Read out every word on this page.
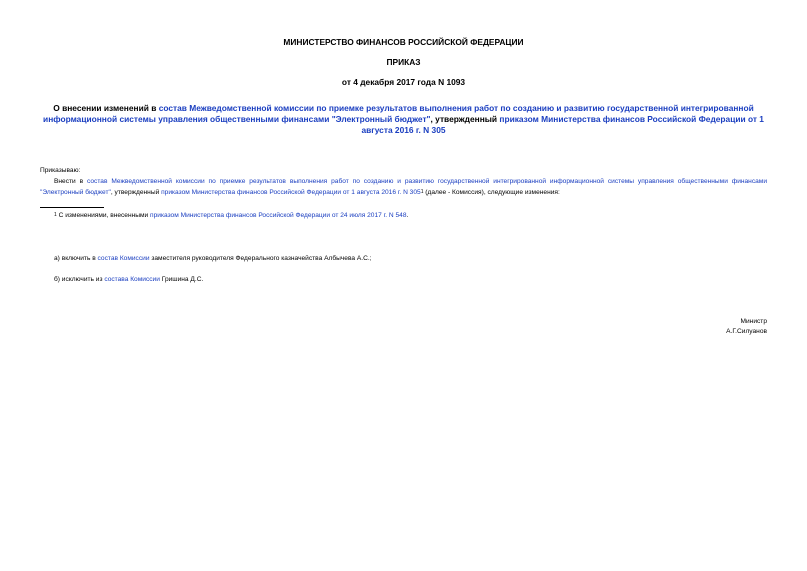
МИНИСТЕРСТВО ФИНАНСОВ РОССИЙСКОЙ ФЕДЕРАЦИИ
ПРИКАЗ
от 4 декабря 2017 года N 1093
О внесении изменений в состав Межведомственной комиссии по приемке результатов выполнения работ по созданию и развитию государственной интегрированной информационной системы управления общественными финансами "Электронный бюджет", утвержденный приказом Министерства финансов Российской Федерации от 1 августа 2016 г. N 305
Приказываю:
Внести в состав Межведомственной комиссии по приемке результатов выполнения работ по созданию и развитию государственной интегрированной информационной системы управления общественными финансами "Электронный бюджет", утвержденный приказом Министерства финансов Российской Федерации от 1 августа 2016 г. N $305^1$ (далее - Комиссия), следующие изменения:
$^1$ С изменениями, внесенными приказом Министерства финансов Российской Федерации от 24 июля 2017 г. N 548.
а) включить в состав Комиссии заместителя руководителя Федерального казначейства Албычева А.С.;
б) исключить из состава Комиссии Гришина Д.С.
Министр
А.Г.Силуанов
